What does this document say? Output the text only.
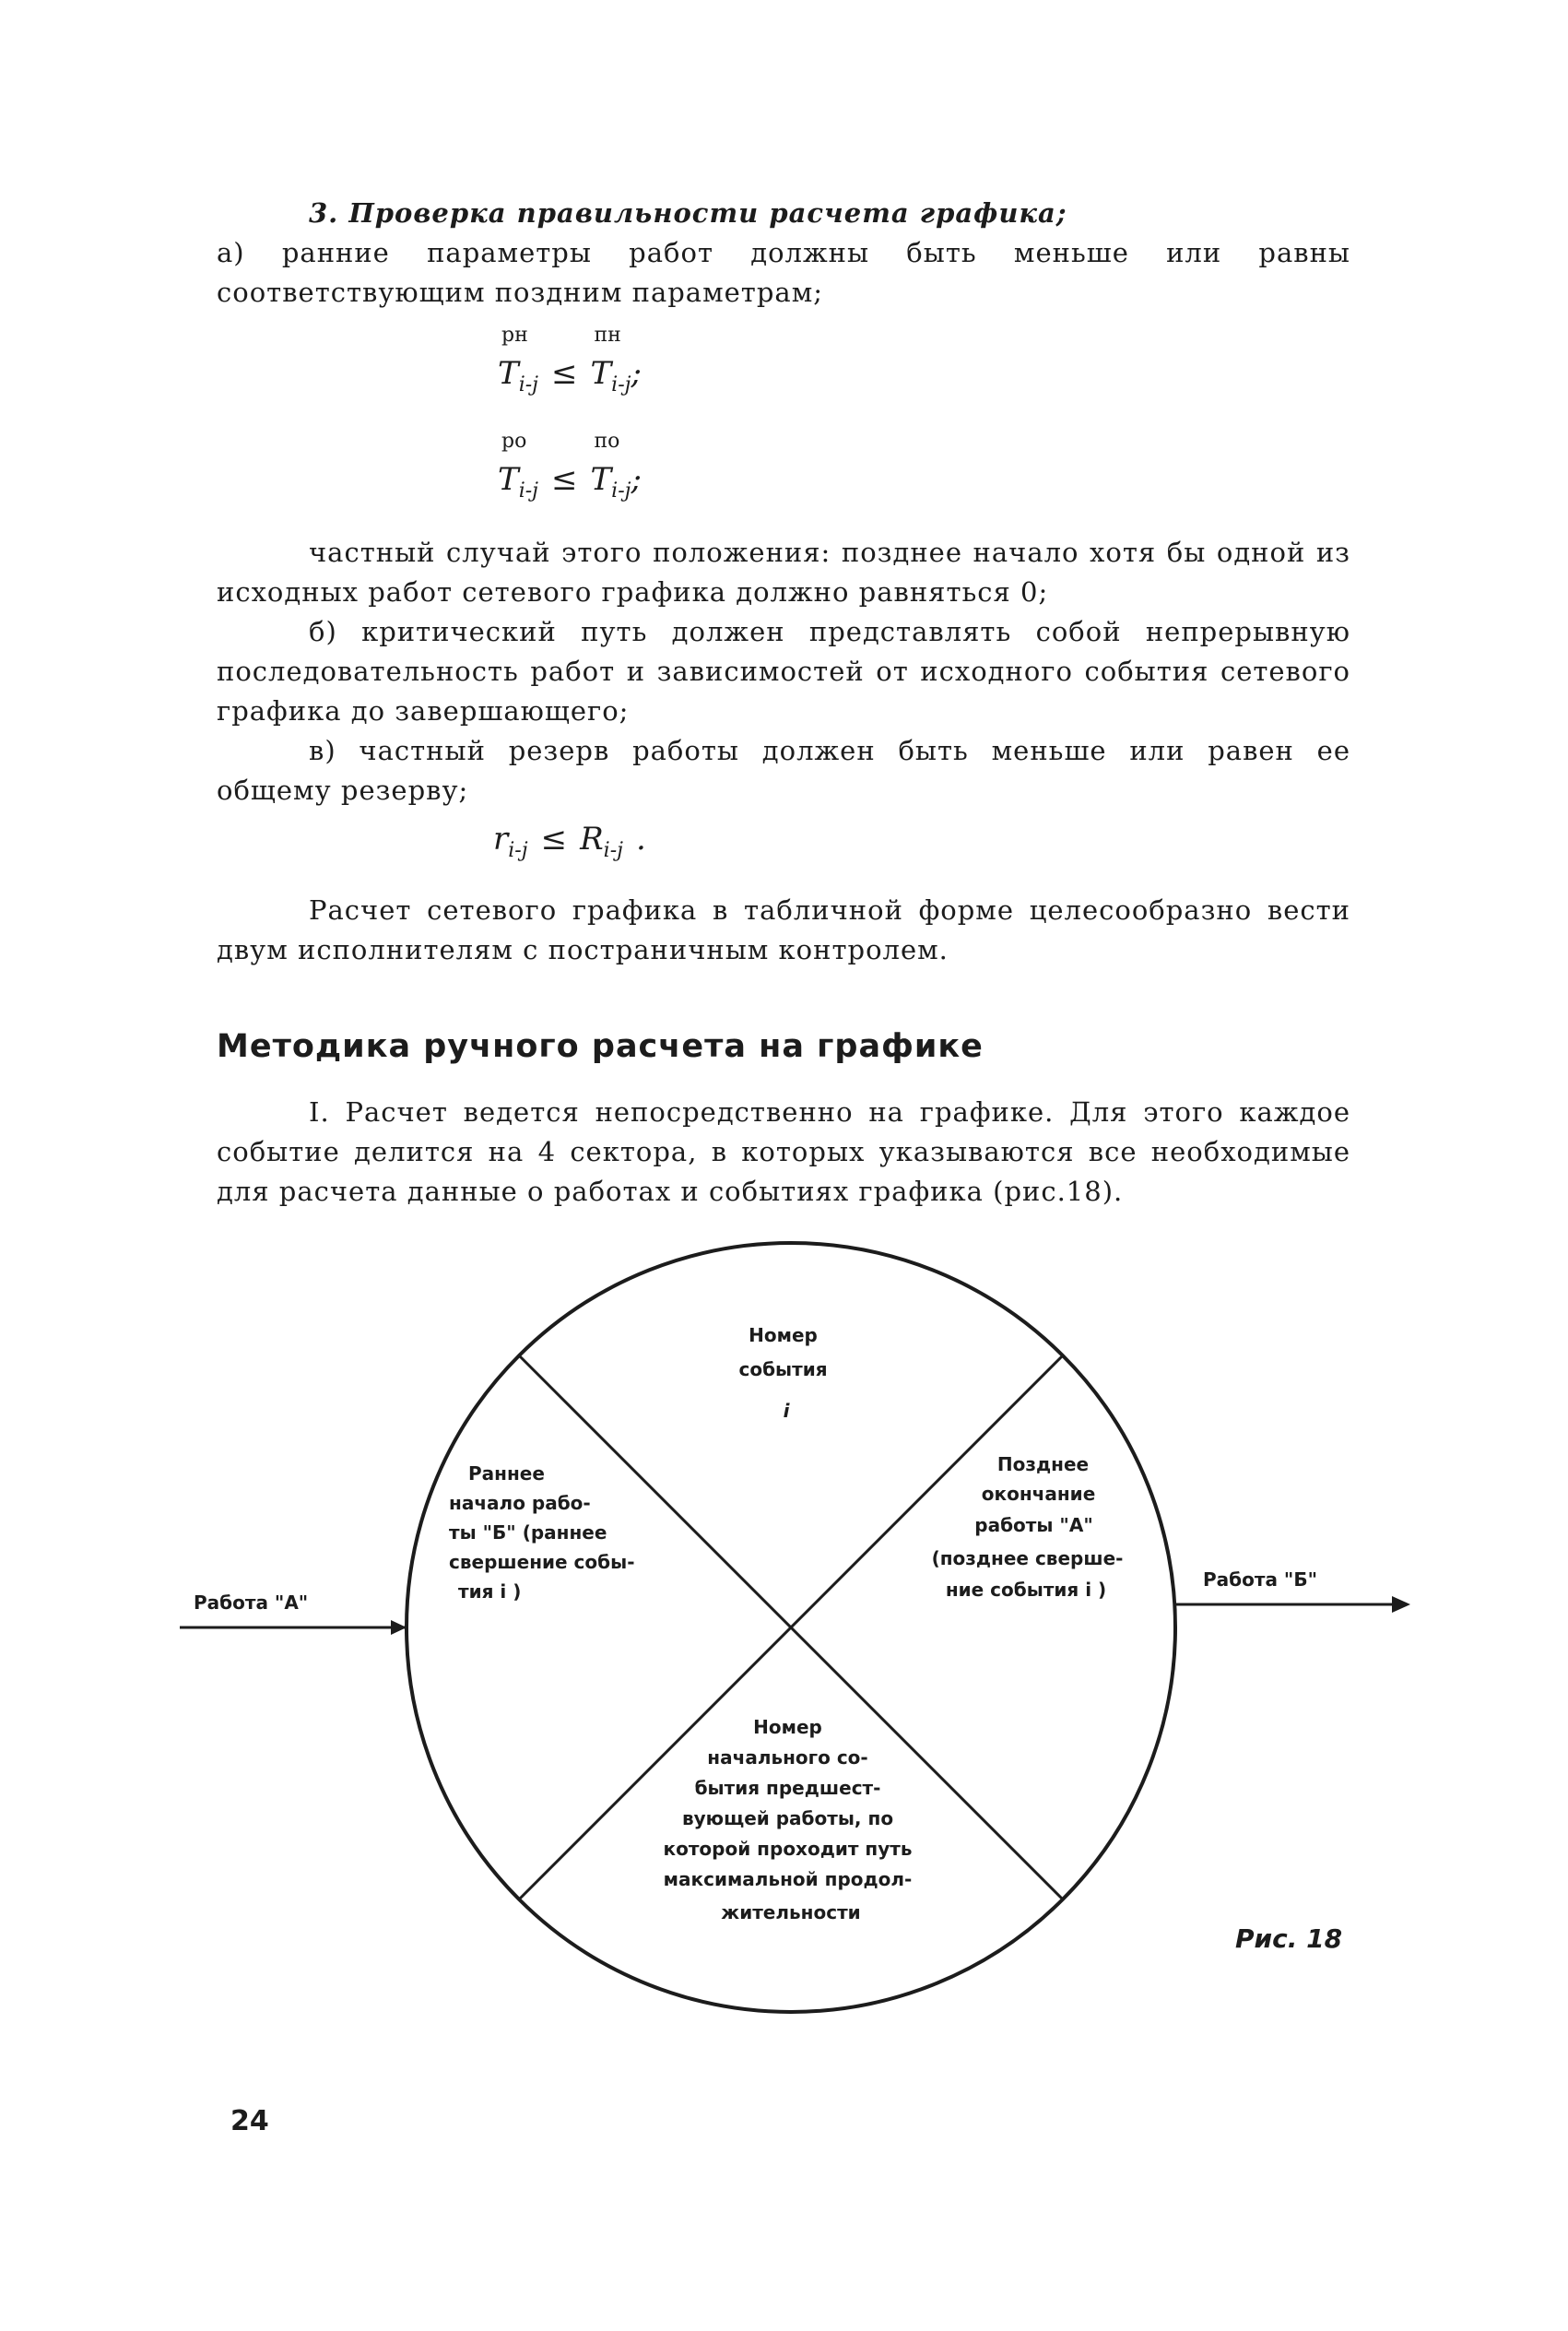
3. Проверка правильности расчета графика;
а) ранние параметры работ должны быть меньше или равны соответствующим поздним параметрам;

T
рн
$_{i-j}$ ≤ T
пн
$_{i-j}$;
T
ро
$_{i-j}$ ≤ T
по
$_{i-j}$;

частный случай этого положения: позднее начало хотя бы одной из исходных работ сетевого графика должно равняться 0;

б) критический путь должен представлять собой непрерывную последовательность работ и зависимостей от исходного события сетевого графика до завершающего;

в) частный резерв работы должен быть меньше или равен ее общему резерву;

$r_{i-j} \le R_{i-j}$ .

Расчет сетевого графика в табличной форме целесообразно вести двум исполнителям с постраничным контролем.

Методика ручного расчета на графике

I. Расчет ведется непосредственно на графике. Для этого каждое событие делится на 4 сектора, в которых указываются все необходимые для расчета данные о работах и событиях графика (рис.18).

Работа "А"
Работа "Б"
Номер события i
Раннее начало рабо- ты "Б" (раннее свершение собы- тия i )
Позднее окончание работы "А" (позднее сверше- ние события i )
Номер начального со- бытия предшест- вующей работы, по которой проходит путь максимальной продол- жительности
Рис. 18
24
